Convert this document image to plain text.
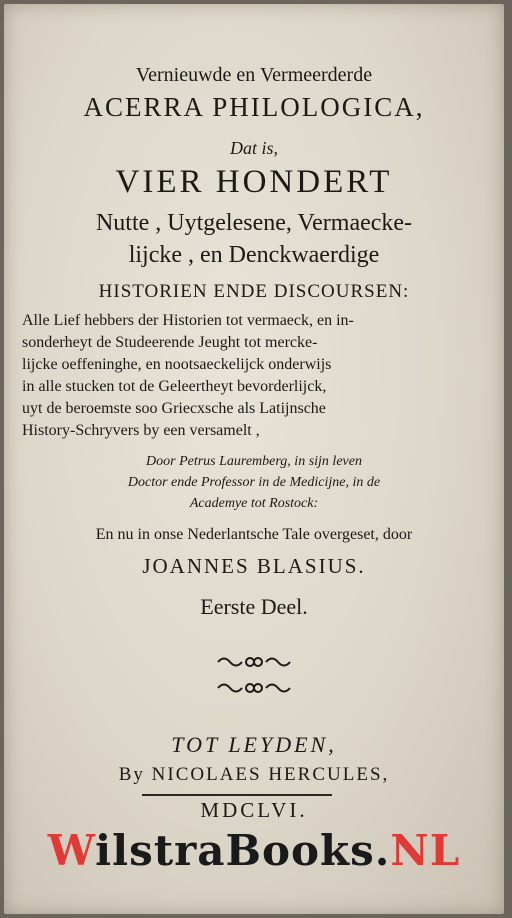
Vernieuwde en Vermeerderde
ACERRA PHILOLOGICA,
Dat is,
VIER HONDERT
Nutte , Uytgelesene, Vermaecke-
lijcke , en Denckwaerdige
HISTORIEN ENDE DISCOURSEN:
Alle Lief hebbers der Historien tot vermaeck, en in-
sonderheyt de Studeerende Jeught tot mercke-
lijcke oeffeninghe, en nootsaeckelijck onderwijs
in alle stucken tot de Geleertheyt bevorderlijck,
uyt de beroemste soo Griecxsche als Latijnsche
History-Schryvers by een versamelt ,
Door Petrus Lauremberg, in sijn leven
Doctor ende Professor in de Medicijne, in de
Academye tot Rostock:
En nu in onse Nederlantsche Tale overgeset, door
JOANNES BLASIUS.
Eerste Deel.
TOT LEYDEN,
By NICOLAES HERCULES,
MDCLVI.
WilstraBooks.NL
